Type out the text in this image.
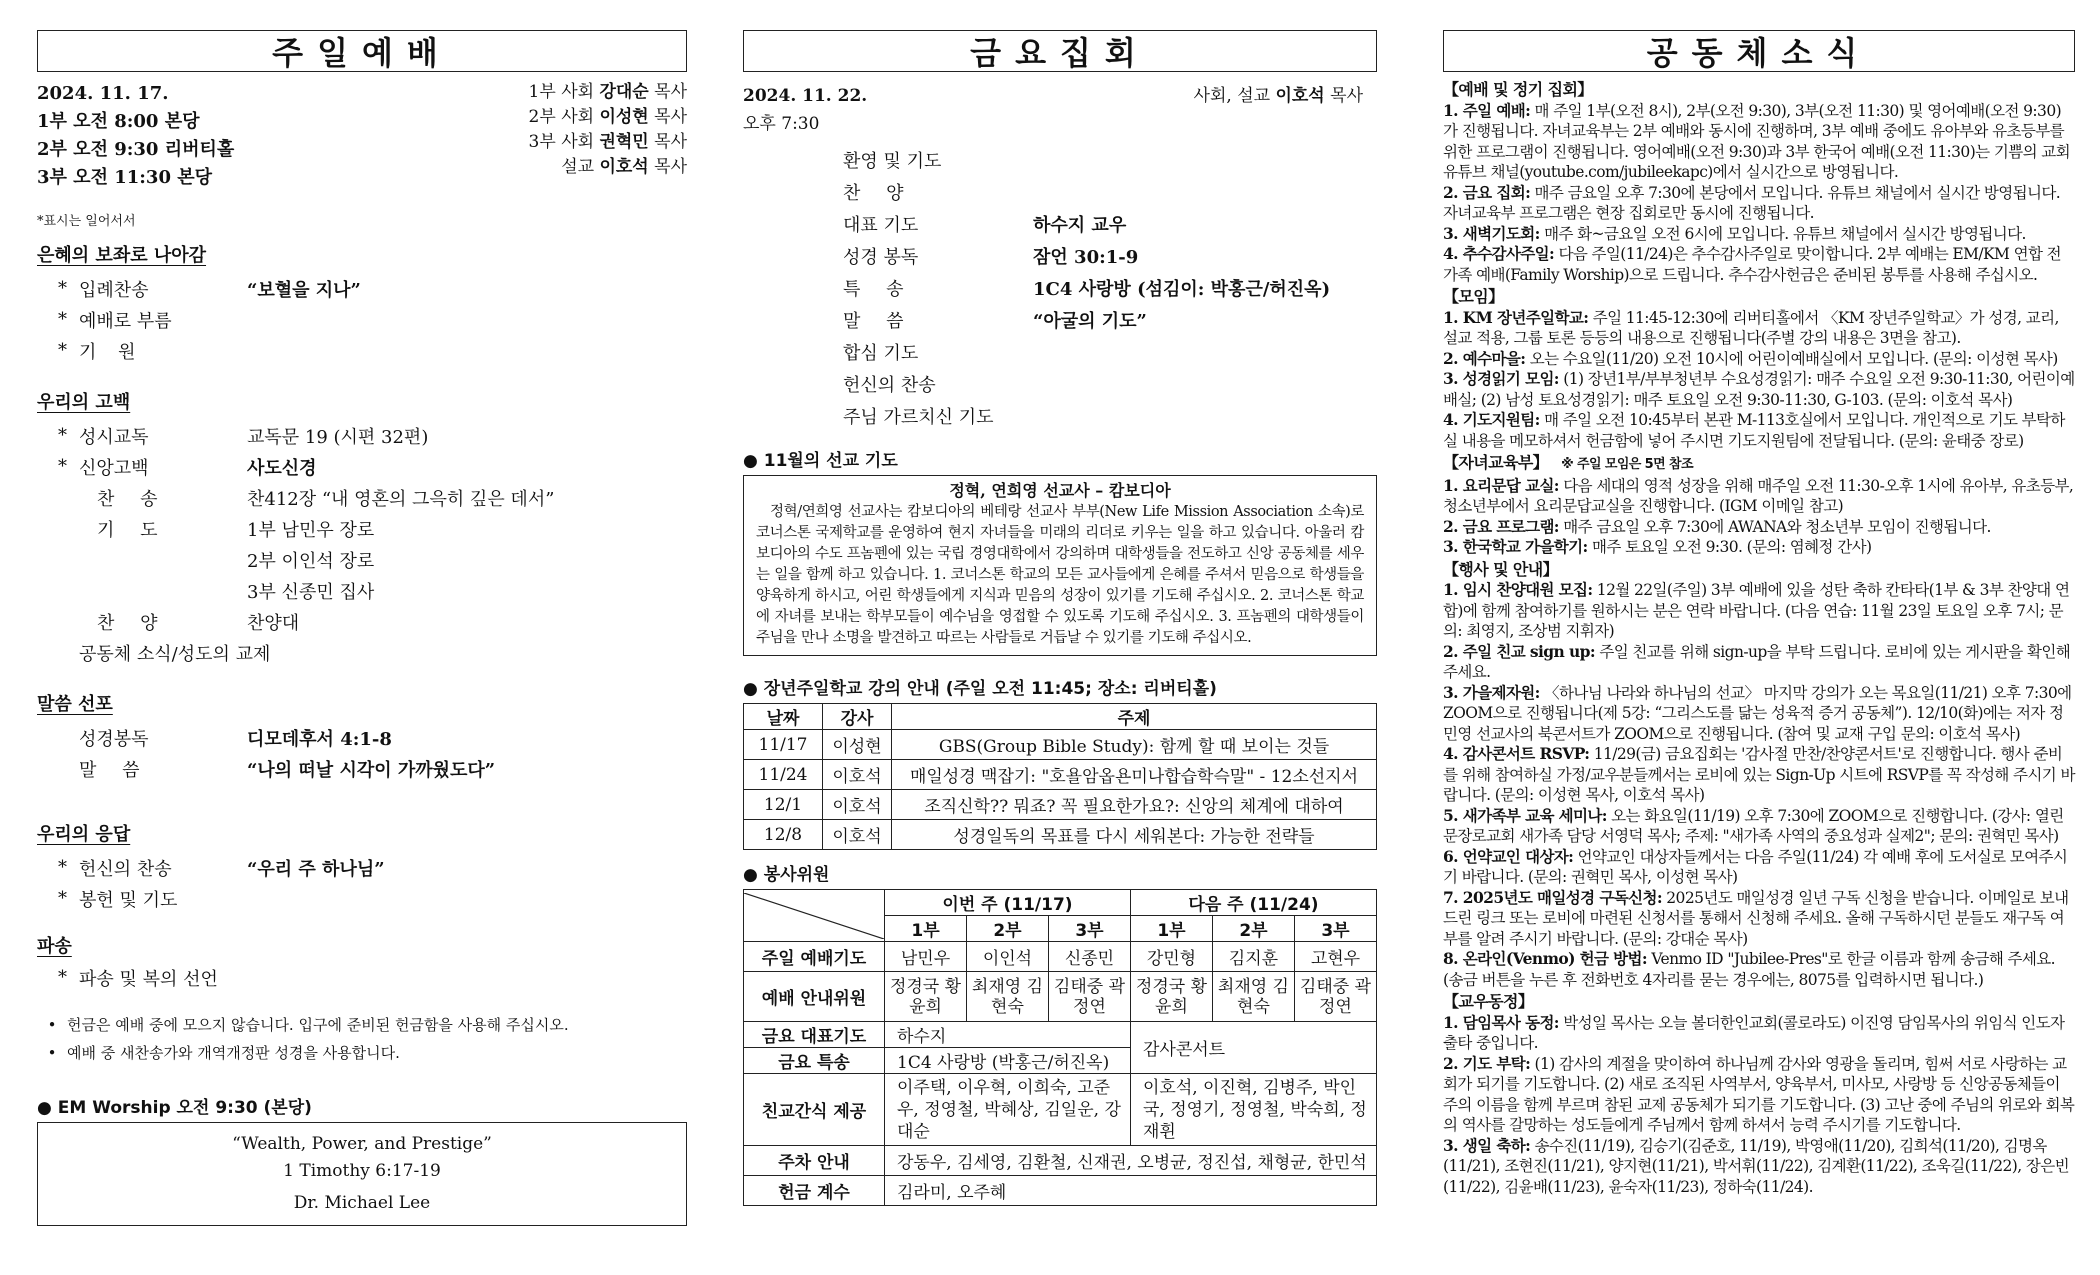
주일예배
2024. 11. 17.
1부 오전 8:00 본당
2부 오전 9:30 리버티홀
3부 오전 11:30 본당
1부 사회 강대순 목사
2부 사회 이성현 목사
3부 사회 권혁민 목사
설교 이호석 목사
*표시는 일어서서
은혜의 보좌로 나아감
* 입례찬송	“보혈을 지나”
* 예배로 부름
* 기 원
우리의 고백
* 성시교독	교독문 19 (시편 32편)
* 신앙고백	사도신경
찬 송	찬412장 “내 영혼의 그윽히 깊은 데서”
기 도	1부 남민우 장로
2부 이인석 장로
3부 신종민 집사
찬 양	찬양대
공동체 소식/성도의 교제
말씀 선포
성경봉독	디모데후서 4:1-8
말 씀	“나의 떠날 시각이 가까웠도다”
우리의 응답
* 헌신의 찬송	“우리 주 하나님”
* 봉헌 및 기도
파송
* 파송 및 복의 선언
• 헌금은 예배 중에 모으지 않습니다. 입구에 준비된 헌금함을 사용해 주십시오.
• 예배 중 새찬송가와 개역개정판 성경을 사용합니다.
● EM Worship 오전 9:30 (본당)
“Wealth, Power, and Prestige”
1 Timothy 6:17-19
Dr. Michael Lee
금요집회
2024. 11. 22.
오후 7:30
사회, 설교 이호석 목사
환영 및 기도
찬 양
대표 기도	하수지 교우
성경 봉독	잠언 30:1-9
특 송	1C4 사랑방 (섬김이: 박홍근/허진옥)
말 씀	“아굴의 기도”
합심 기도
헌신의 찬송
주님 가르치신 기도
● 11월의 선교 기도
정혁, 연희영 선교사 – 캄보디아
정혁/연희영 선교사는 캄보디아의 베테랑 선교사 부부(New Life Mission Association 소속)로 코너스톤 국제학교를 운영하여 현지 자녀들을 미래의 리더로 키우는 일을 하고 있습니다. 아울러 캄보디아의 수도 프놈펜에 있는 국립 경영대학에서 강의하며 대학생들을 전도하고 신앙 공동체를 세우는 일을 함께 하고 있습니다. 1. 코너스톤 학교의 모든 교사들에게 은혜를 주셔서 믿음으로 학생들을 양육하게 하시고, 어린 학생들에게 지식과 믿음의 성장이 있기를 기도해 주십시오. 2. 코너스톤 학교에 자녀를 보내는 학부모들이 예수님을 영접할 수 있도록 기도해 주십시오. 3. 프놈펜의 대학생들이 주님을 만나 소명을 발견하고 따르는 사람들로 거듭날 수 있기를 기도해 주십시오.
● 장년주일학교 강의 안내 (주일 오전 11:45; 장소: 리버티홀)
날짜	강사	주제
11/17	이성현	GBS(Group Bible Study): 함께 할 때 보이는 것들
11/24	이호석	매일성경 맥잡기: "호욜암옵욘미나합습학슥말" - 12소선지서
12/1	이호석	조직신학?? 뭐죠? 꼭 필요한가요?: 신앙의 체계에 대하여
12/8	이호석	성경일독의 목표를 다시 세워본다: 가능한 전략들
● 봉사위원
	이번 주 (11/17)			다음 주 (11/24)		
	1부	2부	3부	1부	2부	3부
주일 예배기도	남민우	이인석	신종민	강민형	김지훈	고현우
예배 안내위원	정경국 황윤희	최재영 김현숙	김태중 곽정연	정경국 황윤희	최재영 김현숙	김태중 곽정연
금요 대표기도	하수지			감사콘서트		
금요 특송	1C4 사랑방 (박홍근/허진옥)					
친교간식 제공	이주택, 이우혁, 이희숙, 고준우, 정영철, 박혜상, 김일운, 강대순			이호석, 이진혁, 김병주, 박인국, 정영기, 정영철, 박숙희, 정재휜		
주차 안내	강동우, 김세영, 김환철, 신재권, 오병균, 정진섭, 채형균, 한민석					
헌금 계수	김라미, 오주혜					
공동체소식
【예배 및 정기 집회】

1. 주일 예배: 매 주일 1부(오전 8시), 2부(오전 9:30), 3부(오전 11:30) 및 영어예배(오전 9:30)가 진행됩니다. 자녀교육부는 2부 예배와 동시에 진행하며, 3부 예배 중에도 유아부와 유초등부를 위한 프로그램이 진행됩니다. 영어예배(오전 9:30)과 3부 한국어 예배(오전 11:30)는 기쁨의 교회 유튜브 채널(youtube.com/jubileekapc)에서 실시간으로 방영됩니다.

2. 금요 집회: 매주 금요일 오후 7:30에 본당에서 모입니다. 유튜브 채널에서 실시간 방영됩니다. 자녀교육부 프로그램은 현장 집회로만 동시에 진행됩니다.

3. 새벽기도회: 매주 화~금요일 오전 6시에 모입니다. 유튜브 채널에서 실시간 방영됩니다.

4. 추수감사주일: 다음 주일(11/24)은 추수감사주일로 맞이합니다. 2부 예배는 EM/KM 연합 전가족 예배(Family Worship)으로 드립니다. 추수감사헌금은 준비된 봉투를 사용해 주십시오.

【모임】

1. KM 장년주일학교: 주일 11:45-12:30에 리버티홀에서 〈KM 장년주일학교〉가 성경, 교리, 설교 적용, 그룹 토론 등등의 내용으로 진행됩니다(주별 강의 내용은 3면을 참고).

2. 예수마을: 오는 수요일(11/20) 오전 10시에 어린이예배실에서 모입니다. (문의: 이성현 목사)

3. 성경읽기 모임: (1) 장년1부/부부청년부 수요성경읽기: 매주 수요일 오전 9:30-11:30, 어린이예배실; (2) 남성 토요성경읽기: 매주 토요일 오전 9:30-11:30, G-103. (문의: 이호석 목사)

4. 기도지원팀: 매 주일 오전 10:45부터 본관 M-113호실에서 모입니다. 개인적으로 기도 부탁하실 내용을 메모하셔서 헌금함에 넣어 주시면 기도지원팀에 전달됩니다. (문의: 윤태중 장로)

【자녀교육부】 ※ 주일 모임은 5면 참조

1. 요리문답 교실: 다음 세대의 영적 성장을 위해 매주일 오전 11:30-오후 1시에 유아부, 유초등부, 청소년부에서 요리문답교실을 진행합니다. (IGM 이메일 참고)

2. 금요 프로그램: 매주 금요일 오후 7:30에 AWANA와 청소년부 모임이 진행됩니다.

3. 한국학교 가을학기: 매주 토요일 오전 9:30. (문의: 염혜정 간사)

【행사 및 안내】

1. 임시 찬양대원 모집: 12월 22일(주일) 3부 예배에 있을 성탄 축하 칸타타(1부 & 3부 찬양대 연합)에 함께 참여하기를 원하시는 분은 연락 바랍니다. (다음 연습: 11월 23일 토요일 오후 7시; 문의: 최영지, 조상범 지휘자)

2. 주일 친교 sign up: 주일 친교를 위해 sign-up을 부탁 드립니다. 로비에 있는 게시판을 확인해 주세요.

3. 가을제자원: 〈하나님 나라와 하나님의 선교〉 마지막 강의가 오는 목요일(11/21) 오후 7:30에 ZOOM으로 진행됩니다(제 5강: “그리스도를 닮는 성육적 증거 공동체”). 12/10(화)에는 저자 정민영 선교사의 북콘서트가 ZOOM으로 진행됩니다. (참여 및 교재 구입 문의: 이호석 목사)

4. 감사콘서트 RSVP: 11/29(금) 금요집회는 '감사절 만찬/찬양콘서트'로 진행합니다. 행사 준비를 위해 참여하실 가정/교우분들께서는 로비에 있는 Sign-Up 시트에 RSVP를 꼭 작성해 주시기 바랍니다. (문의: 이성현 목사, 이호석 목사)

5. 새가족부 교육 세미나: 오는 화요일(11/19) 오후 7:30에 ZOOM으로 진행합니다. (강사: 열린문장로교회 새가족 담당 서영덕 목사; 주제: "새가족 사역의 중요성과 실제2"; 문의: 권혁민 목사)

6. 언약교인 대상자: 언약교인 대상자들께서는 다음 주일(11/24) 각 예배 후에 도서실로 모여주시기 바랍니다. (문의: 권혁민 목사, 이성현 목사)

7. 2025년도 매일성경 구독신청: 2025년도 매일성경 일년 구독 신청을 받습니다. 이메일로 보내드린 링크 또는 로비에 마련된 신청서를 통해서 신청해 주세요. 올해 구독하시던 분들도 재구독 여부를 알려 주시기 바랍니다. (문의: 강대순 목사)

8. 온라인(Venmo) 헌금 방법: Venmo ID "Jubilee-Pres"로 한글 이름과 함께 송금해 주세요. (송금 버튼을 누른 후 전화번호 4자리를 묻는 경우에는, 8075를 입력하시면 됩니다.)

【교우동정】

1. 담임목사 동정: 박성일 목사는 오늘 볼더한인교회(콜로라도) 이진영 담임목사의 위임식 인도자 출타 중입니다.

2. 기도 부탁: (1) 감사의 계절을 맞이하여 하나님께 감사와 영광을 돌리며, 힘써 서로 사랑하는 교회가 되기를 기도합니다. (2) 새로 조직된 사역부서, 양육부서, 미사모, 사랑방 등 신앙공동체들이 주의 이름을 함께 부르며 참된 교제 공동체가 되기를 기도합니다. (3) 고난 중에 주님의 위로와 회복의 역사를 갈망하는 성도들에게 주님께서 함께 하셔서 능력 주시기를 기도합니다.

3. 생일 축하: 송수진(11/19), 김승기(김준호, 11/19), 박영애(11/20), 김희석(11/20), 김명옥(11/21), 조현진(11/21), 양지현(11/21), 박서휘(11/22), 김계환(11/22), 조욱길(11/22), 장은빈(11/22), 김윤배(11/23), 윤숙자(11/23), 정하숙(11/24).
